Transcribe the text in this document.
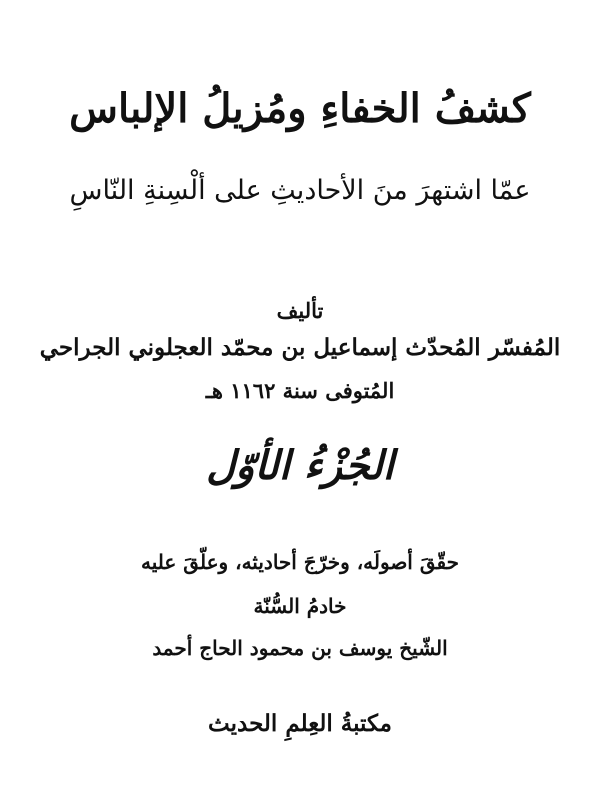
كشفُ الخفاءِ ومُزيلُ الإلباس
عمّا اشتهرَ منَ الأحاديثِ على ألْسِنةِ النّاسِ
تأليف
المُفسّر المُحدّث إسماعيل بن محمّد العجلوني الجراحي
المُتوفى سنة ١١٦٢ هـ
الجُزْءُ الأوّل
حقّقَ أصولَه، وخرّجَ أحاديثه، وعلّقَ عليه
خادمُ السُّنّة
الشّيخ يوسف بن محمود الحاج أحمد
مكتبةُ العِلمِ الحديث
